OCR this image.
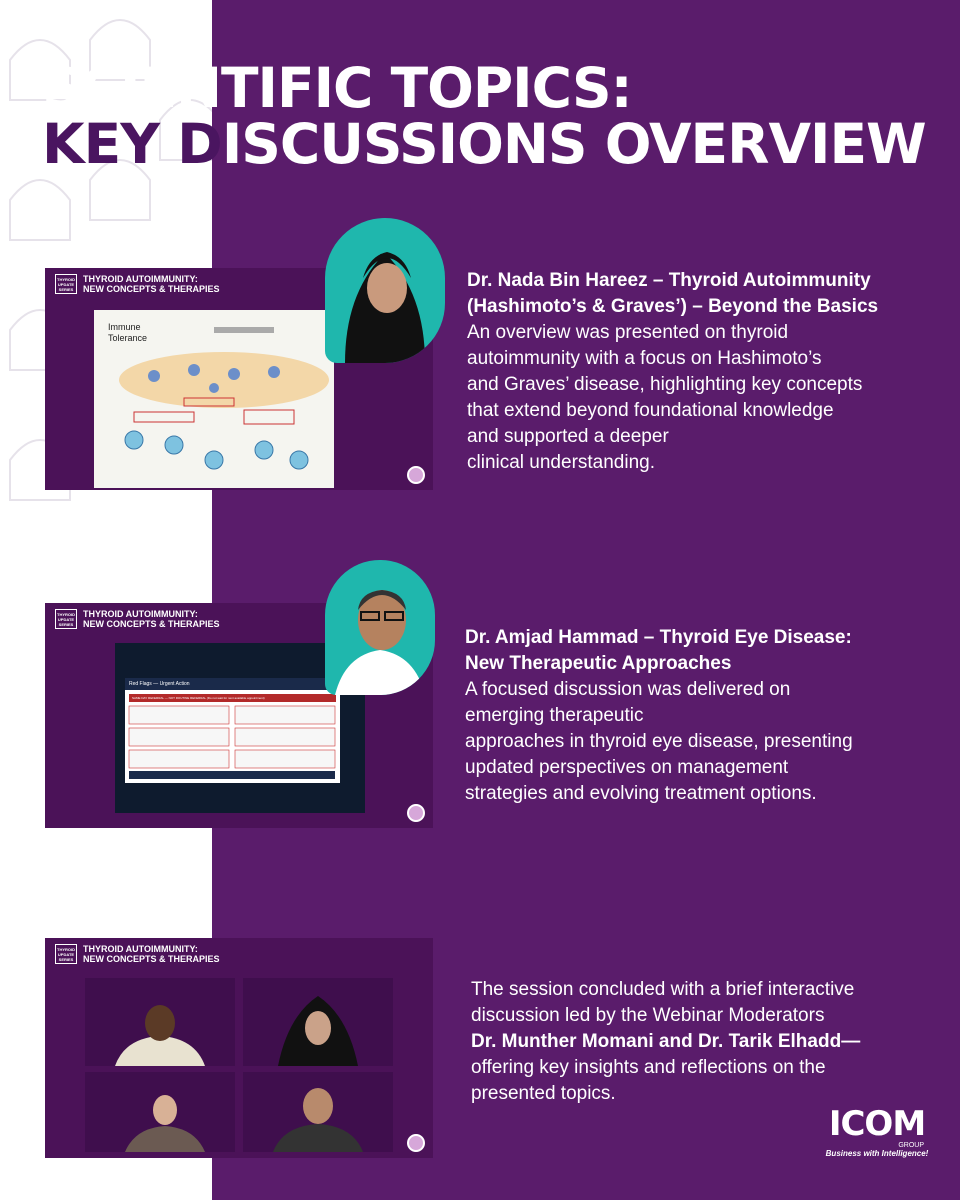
SCIENTIFIC TOPICS:
KEY DISCUSSIONS OVERVIEW
THYROID UPDATE SERIES
THYROID AUTOIMMUNITY:
NEW CONCEPTS & THERAPIES
Immune
Tolerance
Dr. Nada Bin Hareez – Thyroid Autoimmunity
(Hashimoto’s & Graves’) – Beyond the Basics
An overview was presented on thyroid
autoimmunity with a focus on Hashimoto’s
and Graves’ disease, highlighting key concepts
that extend beyond foundational knowledge
and supported a deeper
clinical understanding.
THYROID UPDATE SERIES
THYROID AUTOIMMUNITY:
NEW CONCEPTS & THERAPIES
Red Flags — Urgent Action
SAME DAY REFERRAL — NOT ROUTINE REFERRAL (Do not wait for next available appointment)
Dr. Amjad Hammad – Thyroid Eye Disease:
New Therapeutic Approaches
A focused discussion was delivered on
emerging therapeutic
approaches in thyroid eye disease, presenting
updated perspectives on management
strategies and evolving treatment options.
THYROID UPDATE SERIES
THYROID AUTOIMMUNITY:
NEW CONCEPTS & THERAPIES
The session concluded with a brief interactive
discussion led by the Webinar Moderators
Dr. Munther Momani and Dr. Tarik Elhadd—
offering key insights and reflections on the
presented topics.
ICOM
GROUP
Business with Intelligence!
